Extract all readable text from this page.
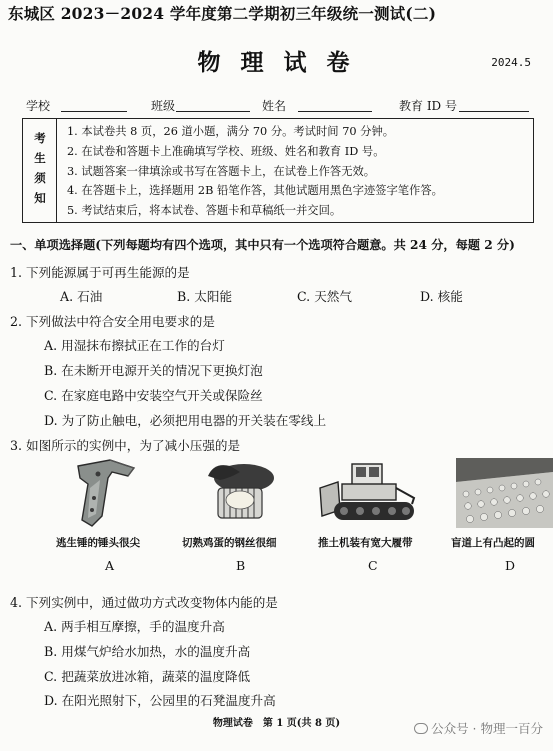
东城区 2023－2024 学年度第二学期初三年级统一测试(二)
物 理 试 卷	2024.5
学校	班级	姓名	教育 ID 号
考
生
须
知
1. 本试卷共 8 页，26 道小题，满分 70 分。考试时间 70 分钟。
2. 在试卷和答题卡上准确填写学校、班级、姓名和教育 ID 号。
3. 试题答案一律填涂或书写在答题卡上，在试卷上作答无效。
4. 在答题卡上，选择题用 2B 铅笔作答，其他试题用黑色字迹签字笔作答。
5. 考试结束后，将本试卷、答题卡和草稿纸一并交回。
一、单项选择题(下列每题均有四个选项，其中只有一个选项符合题意。共 24 分，每题 2 分)
1. 下列能源属于可再生能源的是
A. 石油	B. 太阳能	C. 天然气	D. 核能
2. 下列做法中符合安全用电要求的是
A. 用湿抹布擦拭正在工作的台灯
B. 在未断开电源开关的情况下更换灯泡
C. 在家庭电路中安装空气开关或保险丝
D. 为了防止触电，必须把用电器的开关装在零线上
3. 如图所示的实例中，为了减小压强的是
逃生锤的锤头很尖	切熟鸡蛋的钢丝很细	推土机装有宽大履带	盲道上有凸起的圆
A	B	C	D
4. 下列实例中，通过做功方式改变物体内能的是
A. 两手相互摩擦，手的温度升高
B. 用煤气炉给水加热，水的温度升高
C. 把蔬菜放进冰箱，蔬菜的温度降低
D. 在阳光照射下，公园里的石凳温度升高
物理试卷　第 1 页(共 8 页)	公众号 · 物理一百分
